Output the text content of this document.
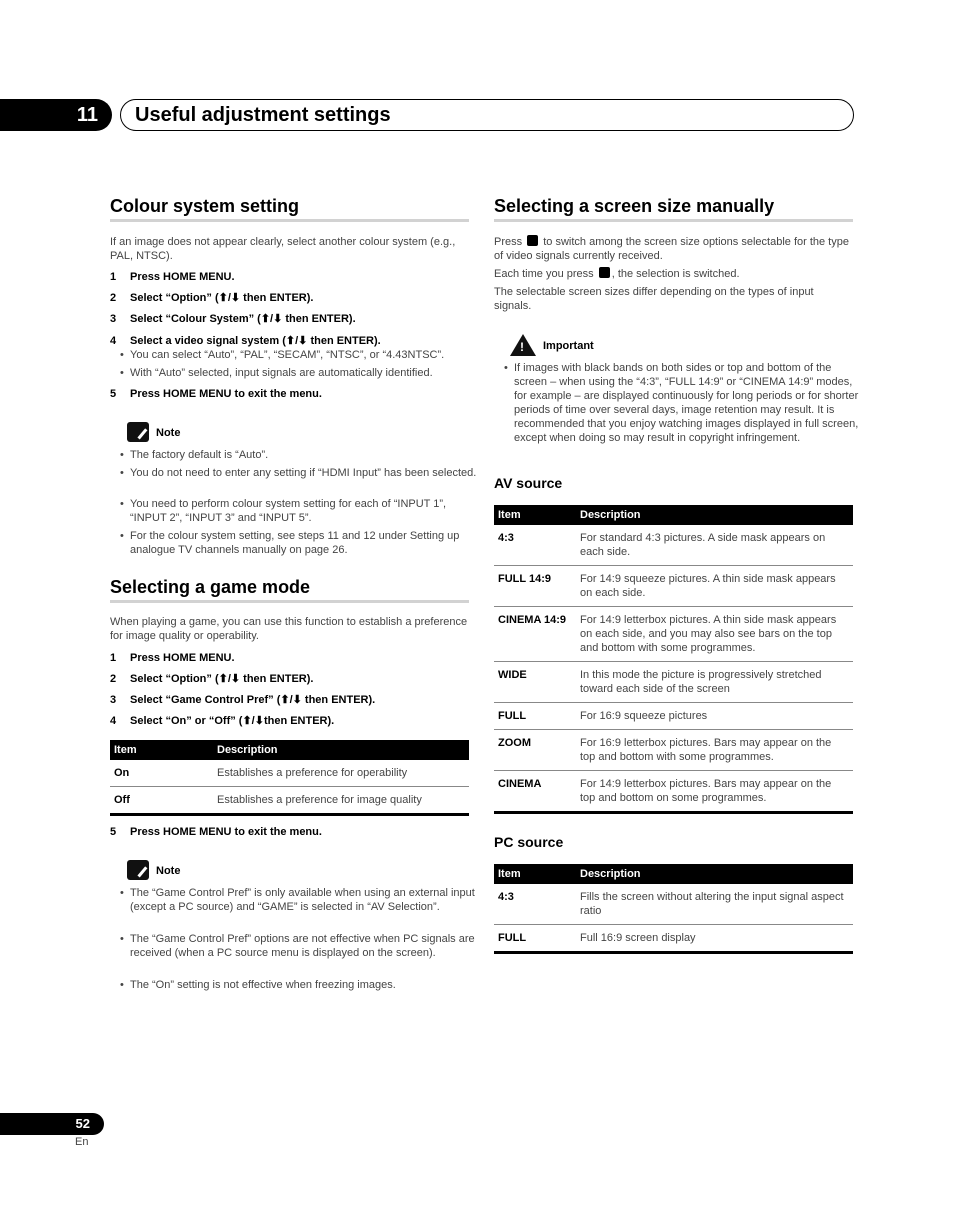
11	Useful adjustment settings
Colour system setting

If an image does not appear clearly, select another colour system (e.g., PAL, NTSC).

1 Press HOME MENU.
2 Select “Option” (⬆/⬇ then ENTER).
3 Select “Colour System” (⬆/⬇ then ENTER).
4 Select a video signal system (⬆/⬇ then ENTER).
• You can select “Auto”, “PAL”, “SECAM”, “NTSC”, or “4.43NTSC”.
• With “Auto” selected, input signals are automatically identified.
5 Press HOME MENU to exit the menu.
Note
• The factory default is “Auto”.
• You do not need to enter any setting if “HDMI Input” has been selected.
• You need to perform colour system setting for each of “INPUT 1”, “INPUT 2”, “INPUT 3” and “INPUT 5”.
• For the colour system setting, see steps 11 and 12 under Setting up analogue TV channels manually on page 26.
Selecting a game mode

When playing a game, you can use this function to establish a preference for image quality or operability.

1 Press HOME MENU.
2 Select “Option” (⬆/⬇ then ENTER).
3 Select “Game Control Pref” (⬆/⬇ then ENTER).
4 Select “On” or “Off” (⬆/⬇then ENTER).
Item	Description
On	Establishes a preference for operability
Off	Establishes a preference for image quality
5 Press HOME MENU to exit the menu.
Note
• The “Game Control Pref” is only available when using an external input (except a PC source) and “GAME” is selected in “AV Selection”.
• The “Game Control Pref” options are not effective when PC signals are received (when a PC source menu is displayed on the screen).
• The “On” setting is not effective when freezing images.
Selecting a screen size manually

Press to switch among the screen size options selectable for the type of video signals currently received.

Each time you press , the selection is switched.

The selectable screen sizes differ depending on the types of input signals.

! Important
• If images with black bands on both sides or top and bottom of the screen – when using the “4:3”, “FULL 14:9” or “CINEMA 14:9” modes, for example – are displayed continuously for long periods or for shorter periods of time over several days, image retention may result. It is recommended that you enjoy watching images displayed in full screen, except when doing so may result in copyright infringement.
AV source
Item	Description
4:3	For standard 4:3 pictures. A side mask appears on each side.
FULL 14:9	For 14:9 squeeze pictures. A thin side mask appears on each side.
CINEMA 14:9	For 14:9 letterbox pictures. A thin side mask appears on each side, and you may also see bars on the top and bottom with some programmes.
WIDE	In this mode the picture is progressively stretched toward each side of the screen
FULL	For 16:9 squeeze pictures
ZOOM	For 16:9 letterbox pictures. Bars may appear on the top and bottom with some programmes.
CINEMA	For 14:9 letterbox pictures. Bars may appear on the top and bottom on some programmes.
PC source
Item	Description
4:3	Fills the screen without altering the input signal aspect ratio
FULL	Full 16:9 screen display
52
En
